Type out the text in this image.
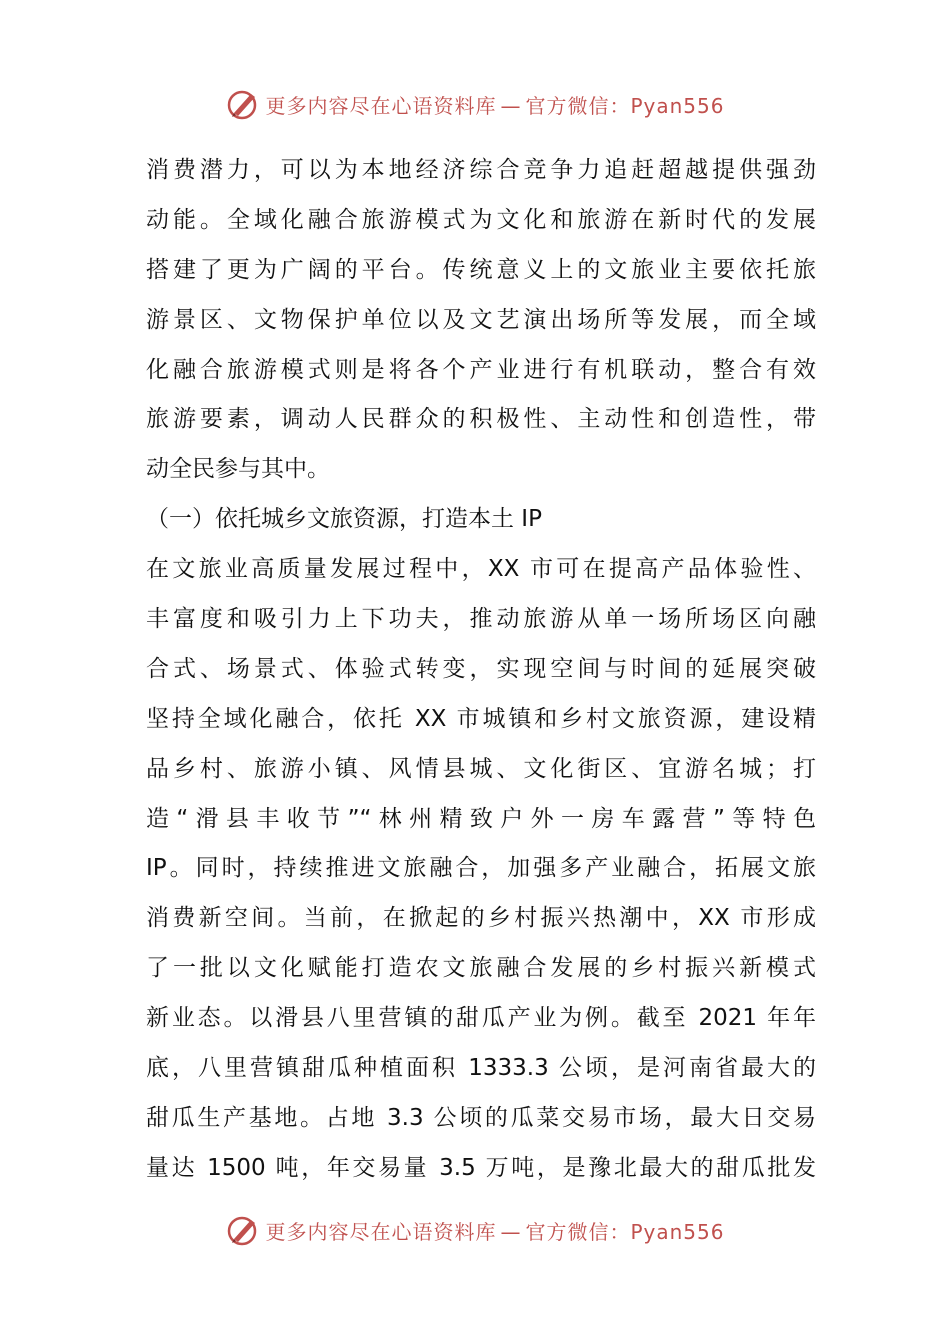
更多内容尽在心语资料库 — 官方微信：Pyan556
消费潜力，可以为本地经济综合竞争力追赶超越提供强劲
动能。全域化融合旅游模式为文化和旅游在新时代的发展
搭建了更为广阔的平台。传统意义上的文旅业主要依托旅
游景区、文物保护单位以及文艺演出场所等发展，而全域
化融合旅游模式则是将各个产业进行有机联动，整合有效
旅游要素，调动人民群众的积极性、主动性和创造性，带
动全民参与其中。
（一）依托城乡文旅资源，打造本土 IP
在文旅业高质量发展过程中，XX 市可在提高产品体验性、
丰富度和吸引力上下功夫，推动旅游从单一场所场区向融
合式、场景式、体验式转变，实现空间与时间的延展突破
坚持全域化融合，依托 XX 市城镇和乡村文旅资源，建设精
品乡村、旅游小镇、风情县城、文化街区、宜游名城；打
造“滑县丰收节”“林州精致户外一房车露营”等特色
IP。同时，持续推进文旅融合，加强多产业融合，拓展文旅
消费新空间。当前，在掀起的乡村振兴热潮中，XX 市形成
了一批以文化赋能打造农文旅融合发展的乡村振兴新模式
新业态。以滑县八里营镇的甜瓜产业为例。截至 2021 年年
底，八里营镇甜瓜种植面积 1333.3 公顷，是河南省最大的
甜瓜生产基地。占地 3.3 公顷的瓜菜交易市场，最大日交易
量达 1500 吨，年交易量 3.5 万吨，是豫北最大的甜瓜批发
更多内容尽在心语资料库 — 官方微信：Pyan556
